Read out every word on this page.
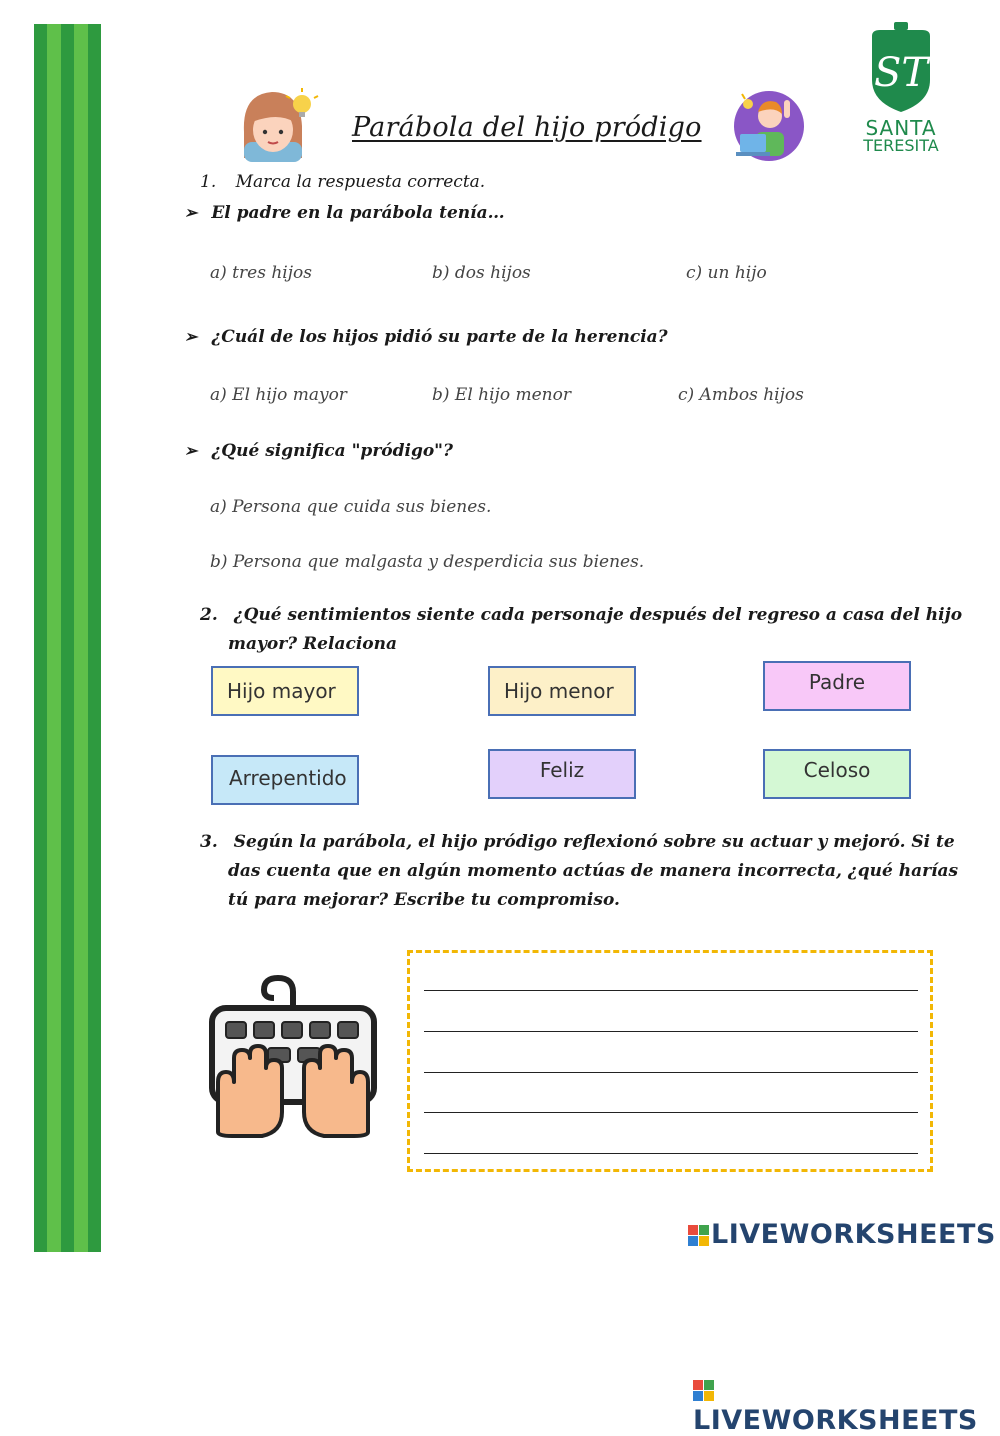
Parábola del hijo pródigo
ST
SANTA
TERESITA
1. Marca la respuesta correcta.
➢ El padre en la parábola tenía…
a) tres hijos	b) dos hijos	c) un hijo
➢ ¿Cuál de los hijos pidió su parte de la herencia?
a) El hijo mayor	b) El hijo menor	c) Ambos hijos
➢ ¿Qué significa "pródigo"?
a) Persona que cuida sus bienes.
b) Persona que malgasta y desperdicia sus bienes.
2. ¿Qué sentimientos siente cada personaje después del regreso a casa del hijo
mayor? Relaciona
Hijo mayor	Hijo menor	Padre
Arrepentido	Feliz	Celoso
3. Según la parábola, el hijo pródigo reflexionó sobre su actuar y mejoró. Si te
das cuenta que en algún momento actúas de manera incorrecta, ¿qué harías
tú para mejorar? Escribe tu compromiso.
LIVEWORKSHEETS
LIVEWORKSHEETS
